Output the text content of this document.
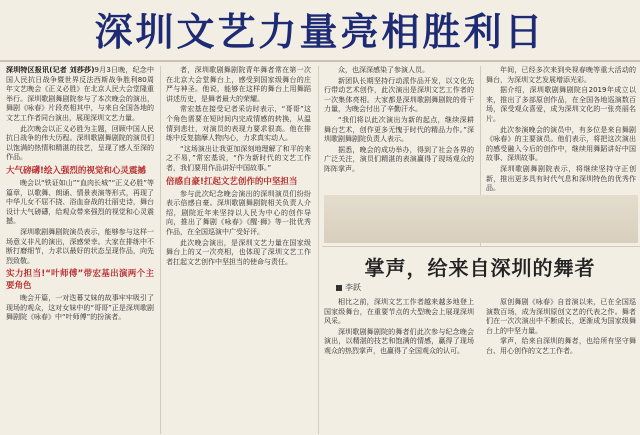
深圳文艺力量亮相胜利日

深圳特区报讯(记者 刘莎莎)9月3日晚，纪念中国人民抗日战争暨世界反法西斯战争胜利80周年文艺晚会《正义必胜》在北京人民大会堂隆重举行。深圳歌剧舞剧院参与了本次晚会的演出，舞剧《咏春》片段亮相其中，与来自全国各地的文艺工作者同台演出，展现深圳文艺力量。

此次晚会以正义必胜为主题，回顾中国人民抗日战争的伟大历程。深圳歌剧舞剧院的演员们以饱满的热情和精湛的技艺，呈现了感人至深的作品。

大气磅礴!绘入强烈的视觉和心灵震撼

晚会以“铁证如山”“血肉长城”“正义必胜”等篇章，以歌舞、朗诵、情景表演等形式，再现了中华儿女不屈不挠、浴血奋战的壮丽史诗，舞台设计大气磅礴，给观众带来强烈的视觉和心灵震撼。

深圳歌剧舞剧院演员表示，能够参与这样一场意义非凡的演出，深感荣幸。大家在排练中不断打磨细节，力求以最好的状态呈现作品，向先烈致敬。

实力担当!“叶师傅”带宏基出演两个主要角色

晚会开篇，一对迭幕艾妹的故事牢牢吸引了现场的观众，这对女妹中的“哥哥”正是深圳歌剧舞剧院《咏春》中“叶师傅”的扮演者。

者，深圳歌剧舞剧院青年舞者常在第一次在北京大会堂舞台上，感受到国家级舞台的庄严与神圣。他说，能够在这样的舞台上用舞蹈讲述历史，是舞者最大的荣耀。

常宏基在接受记者采访时表示，“哥哥”这个角色需要在短时间内完成情感的转换，从温情到悲壮，对演员的表现力要求很高。他在排练中反复揣摩人物内心，力求真实动人。

“这场演出让我更加深刻地理解了和平的来之不易，”常宏基说，“作为新时代的文艺工作者，我们要用作品讲好中国故事。”

倍感自豪!扛起文艺创作的中坚担当

参与此次纪念晚会演出的深圳演员们纷纷表示倍感自豪。深圳歌剧舞剧院相关负责人介绍，剧院近年来坚持以人民为中心的创作导向，推出了舞剧《咏春》《醒·狮》等一批优秀作品，在全国巡演中广受好评。

此次晚会演出，是深圳文艺力量在国家级舞台上的又一次亮相，也体现了深圳文艺工作者扛起文艺创作中坚担当的使命与责任。

众，也深深感染了参演人员。

新团队长期坚持行动派作品开发，以文化先行带动艺术创作，此次演出是深圳文艺工作者的一次集体亮相。大家都是深圳歌剧舞剧院的骨干力量，为晚会付出了辛勤汗水。

“我们将以此次演出为新的起点，继续深耕舞台艺术，创作更多无愧于时代的精品力作。”深圳歌剧舞剧院负责人表示。

据悉，晚会的成功举办，得到了社会各界的广泛关注，演员们精湛的表演赢得了现场观众的阵阵掌声。

年间，已经多次来到央视春晚等重大活动的舞台，为深圳文艺发展增添光彩。

据介绍，深圳歌剧舞剧院自2019年成立以来，推出了多部原创作品，在全国各地巡演数百场，深受观众喜爱，成为深圳文化的一张亮丽名片。

此次参演晚会的演员中，有多位是来自舞剧《咏春》的主要演员。他们表示，将把这次演出的感受融入今后的创作中，继续用舞蹈讲好中国故事、深圳故事。

深圳歌剧舞剧院表示，将继续坚持守正创新，推出更多具有时代气息和深圳特色的优秀作品。

掌声，给来自深圳的舞者
李跃

相比之前，深圳文艺工作者越来越多地登上国家级舞台，在重要节点的大型晚会上展现深圳风采。

深圳歌剧舞剧院的舞者们此次参与纪念晚会演出，以精湛的技艺和饱满的情感，赢得了现场观众的热烈掌声，也赢得了全国观众的认可。

原创舞剧《咏春》自首演以来，已在全国巡演数百场，成为深圳原创文艺的代表之作。舞者们在一次次演出中不断成长，逐渐成为国家级舞台上的中坚力量。

掌声，给来自深圳的舞者，也给所有坚守舞台、用心创作的文艺工作者。
